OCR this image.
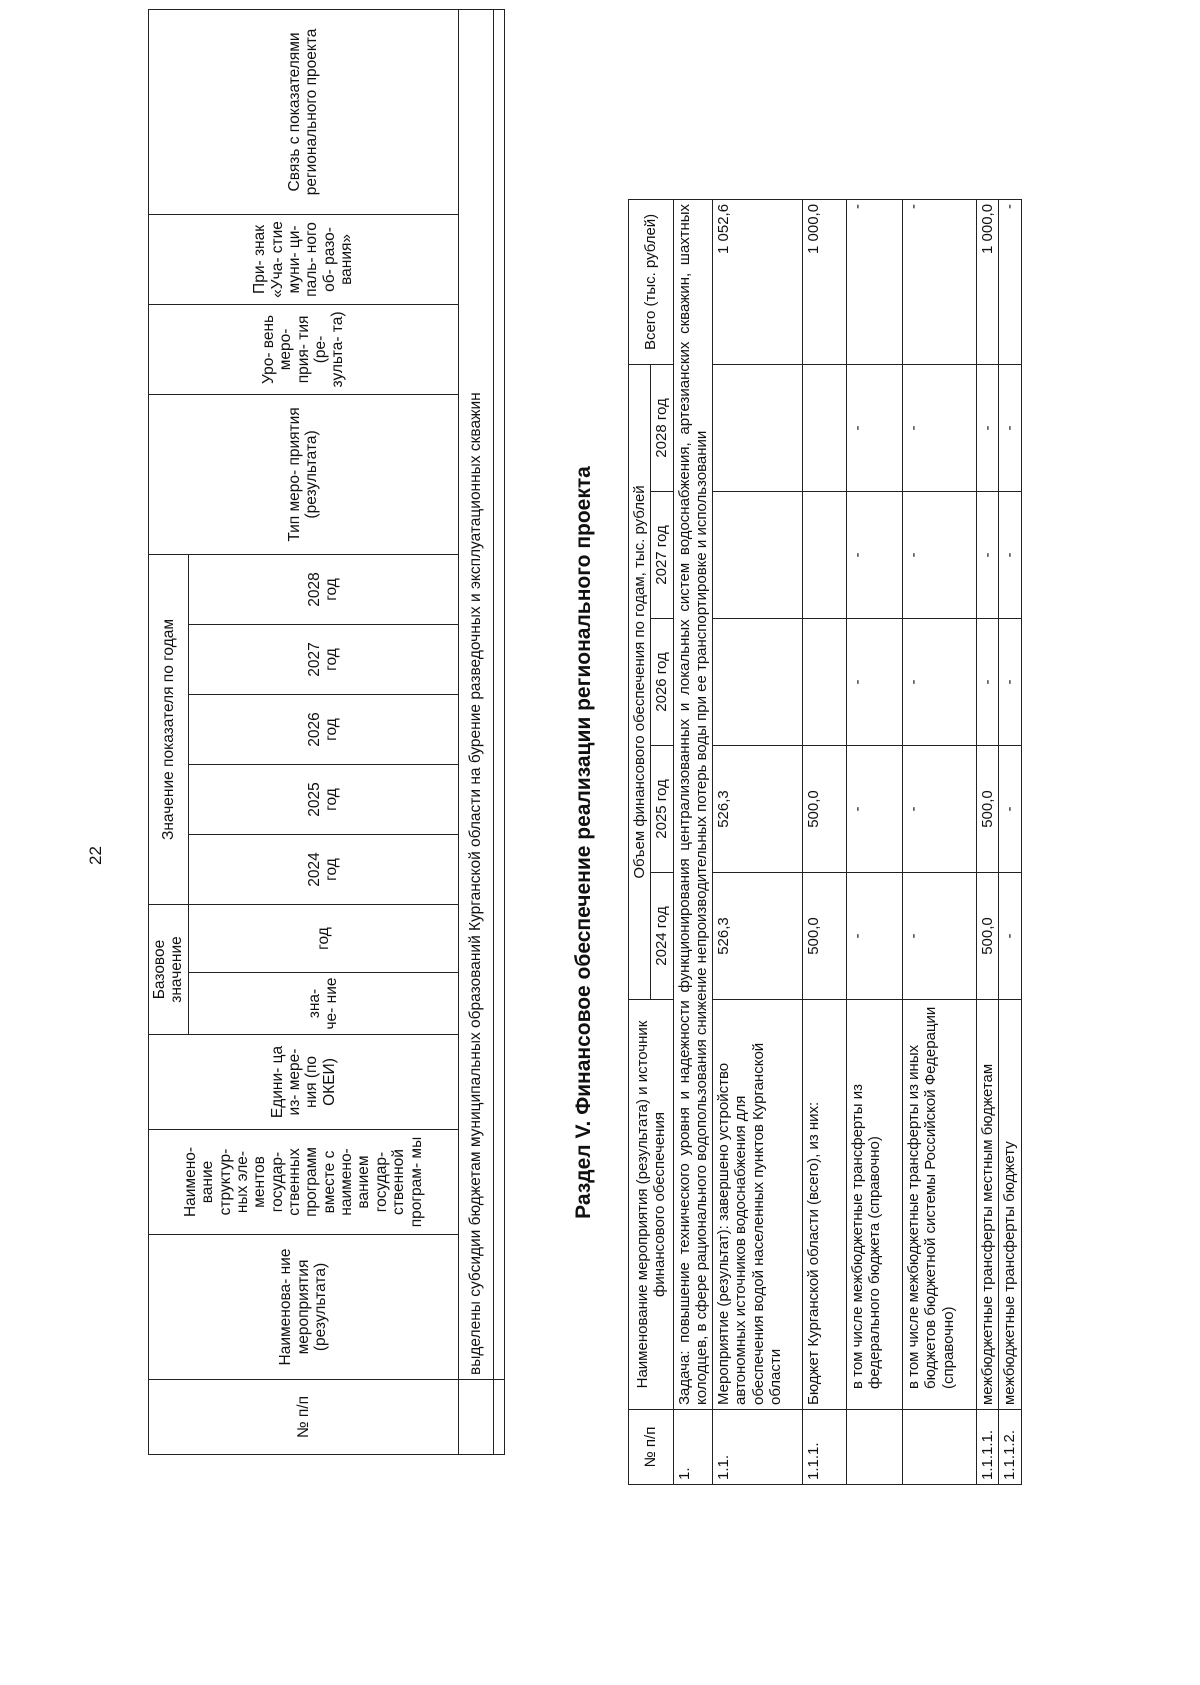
22
№ п/п	Наименова- ние мероприятия (результата)	Наимено- вание структур- ных эле- ментов государ- ственных программ вместе с наимено- ванием государ- ственной програм- мы	Едини- ца из- мере- ния (по ОКЕИ)	Базовое значение		Значение показателя по годам					Тип меро- приятия (результата)	Уро- вень меро- прия- тия (ре- зульта- та)	При- знак «Уча- стие муни- ци- паль- ного об- разо- вания»	Связь с показателями регионального проекта
				зна- че- ние	год	2024 год	2025 год	2026 год	2027 год	2028 год				
	выделены субсидии бюджетам муниципальных образований Курганской области на бурение разведочных и эксплуатационных скважин													
		Раздел V. Финансовое обеспечение реализации регионального проекта
№ п/п	Наименование мероприятия (результата) и источник финансового обеспечения	Объем финансового обеспечения по годам, тыс. рублей					Всего (тыс. рублей)
		2024 год	2025 год	2026 год	2027 год	2028 год	
1.	Задача: повышение технического уровня и надежности функционирования централизованных и локальных систем водоснабжения, артезианских скважин, шахтных колодцев, в сфере рационального водопользования снижение непроизводительных потерь воды при ее транспортировке и использовании						
1.1.	Мероприятие (результат): завершено устройство автономных источников водоснабжения для обеспечения водой населенных пунктов Курганской области	526,3	526,3				1 052,6
1.1.1.	Бюджет Курганской области (всего), из них:	500,0	500,0				1 000,0
	в том числе межбюджетные трансферты из федерального бюджета (справочно)	-	-	-	-	-	-
	в том числе межбюджетные трансферты из иных бюджетов бюджетной системы Российской Федерации (справочно)	-	-	-	-	-	-
1.1.1.1.	межбюджетные трансферты местным бюджетам	500,0	500,0	-	-	-	1 000,0
1.1.1.2.	межбюджетные трансферты бюджету	-	-	-	-	-	-
